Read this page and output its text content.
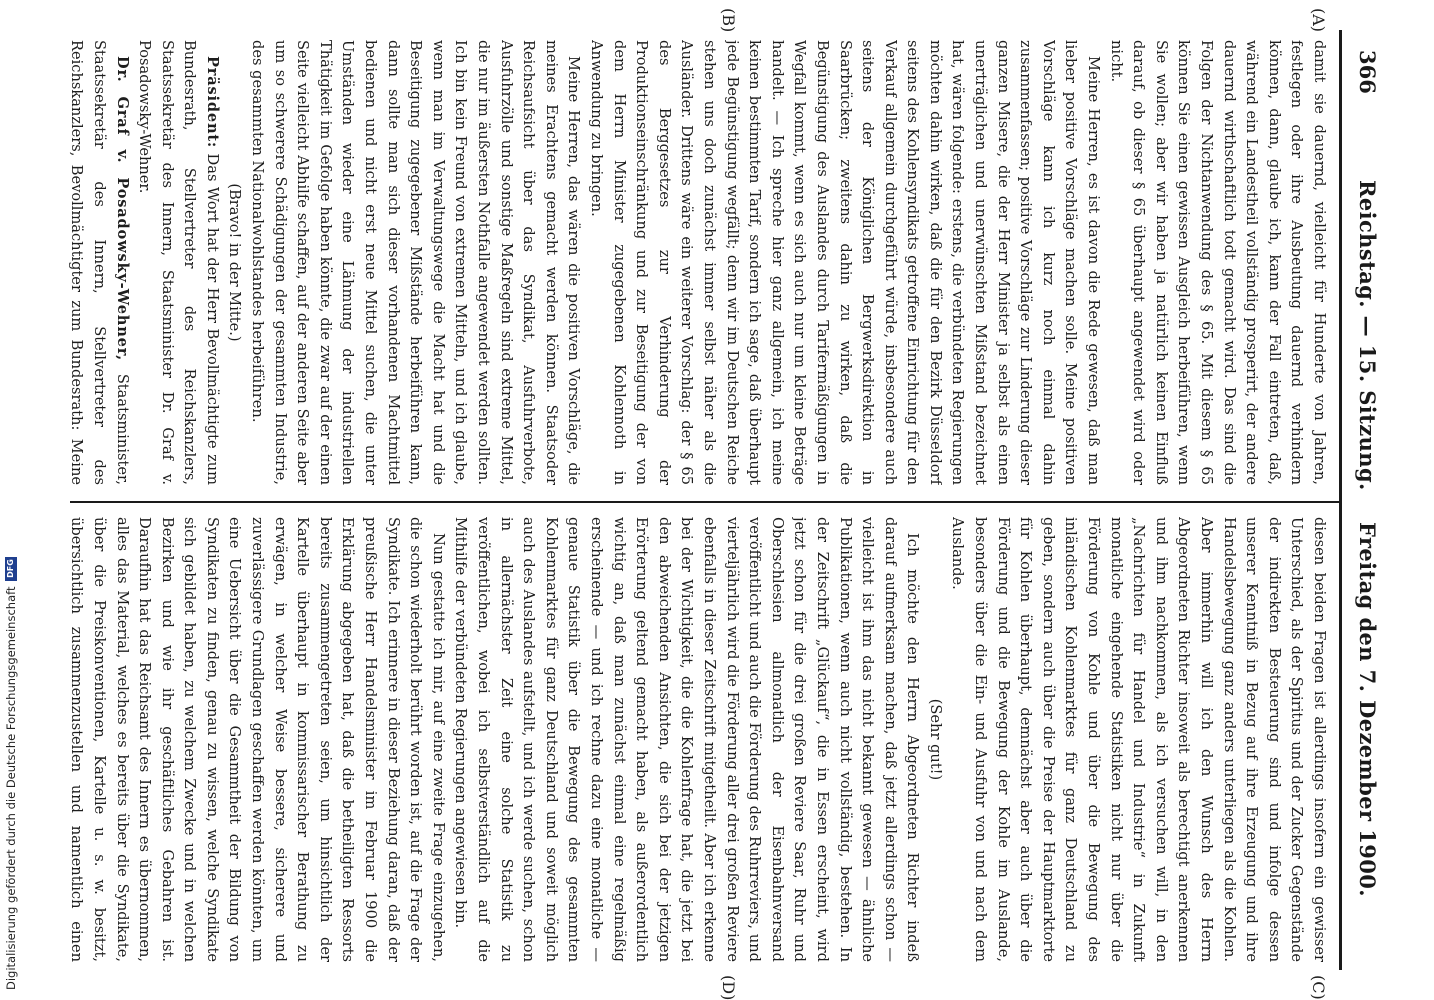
366
Reichstag. — 15. Sitzung.
Freitag den 7. Dezember 1900.
(A)
(B)
(C)
(D)

damit sie dauernd, vielleicht für Hunderte von Jahren, festlegen oder ihre Ausbeutung dauernd verhindern können, dann, glaube ich, kann der Fall eintreten, daß, während ein Landestheil vollständig prosperirt, der andere dauernd wirthschaftlich todt gemacht wird. Das sind die Folgen der Nichtanwendung des § 65. Mit diesem § 65 können Sie einen gewissen Ausgleich herbeiführen, wenn Sie wollen; aber wir haben ja natürlich keinen Einfluß darauf, ob dieser § 65 überhaupt angewendet wird oder nicht.

Meine Herren, es ist davon die Rede gewesen, daß man lieber positive Vorschläge machen solle. Meine positiven Vorschläge kann ich kurz noch einmal dahin zusammenfassen; positive Vorschläge zur Linderung dieser ganzen Misere, die der Herr Minister ja selbst als einen unerträglichen und unerwünschten Mißstand bezeichnet hat, wären folgende: erstens, die verbündeten Regierungen möchten dahin wirken, daß die für den Bezirk Düsseldorf seitens des Kohlensyndikats getroffene Einrichtung für den Verkauf allgemein durchgeführt würde, insbesondere auch seitens der Königlichen Bergwerksdirektion in Saarbrücken; zweitens dahin zu wirken, daß die Begünstigung des Auslandes durch Tarifermäßigungen in Wegfall kommt, wenn es sich auch nur um kleine Beträge handelt. — Ich spreche hier ganz allgemein, ich meine keinen bestimmten Tarif, sondern ich sage, daß überhaupt jede Begünstigung wegfällt; denn wir im Deutschen Reiche stehen uns doch zunächst immer selbst näher als die Ausländer. Drittens wäre ein weiterer Vorschlag: der § 65 des Berggesetzes zur Verhinderung der Produktionseinschränkung und zur Beseitigung der von dem Herrn Minister zugegebenen Kohlennoth in Anwendung zu bringen.

Meine Herren, das wären die positiven Vorschläge, die meines Erachtens gemacht werden können. Staatsoder Reichsaufsicht über das Syndikat, Ausfuhrverbote, Ausfuhrzölle und sonstige Maßregeln sind extreme Mittel, die nur im äußersten Nothfalle angewendet werden sollten. Ich bin kein Freund von extremen Mitteln, und ich glaube, wenn man im Verwaltungswege die Macht hat und die Beseitigung zugegebener Mißstände herbeiführen kann, dann sollte man sich dieser vorhandenen Machtmittel bedienen und nicht erst neue Mittel suchen, die unter Umständen wieder eine Lähmung der industriellen Thätigkeit im Gefolge haben könnte, die zwar auf der einen Seite vielleicht Abhilfe schaffen, auf der anderen Seite aber um so schwerere Schädigungen der gesammten Industrie, des gesammten Nationalwohlstandes herbeiführen.

(Bravo! in der Mitte.)

Präsident: Das Wort hat der Herr Bevollmächtigte zum Bundesrath, Stellvertreter des Reichskanzlers, Staatssekretär des Innern, Staatsminister Dr. Graf v. Posadowsky-Wehner.

Dr. Graf v. Posadowsky-Wehner, Staatsminister, Staatssekretär des Innern, Stellvertreter des Reichskanzlers, Bevollmächtigter zum Bundesrath: Meine

diesen beiden Fragen ist allerdings insofern ein gewisser Unterschied, als der Spiritus und der Zucker Gegenstände der indirekten Besteuerung sind und infolge dessen unserer Kenntniß in Bezug auf ihre Erzeugung und ihre Handelsbewegung ganz anders unterliegen als die Kohlen. Aber immerhin will ich den Wunsch des Herrn Abgeordneten Richter insoweit als berechtigt anerkennen und ihm nachkommen, als ich versuchen will, in den „Nachrichten für Handel und Industrie“ in Zukunft monatliche eingehende Statistiken nicht nur über die Förderung von Kohle und über die Bewegung des inländischen Kohlenmarktes für ganz Deutschland zu geben, sondern auch über die Preise der Hauptmarktorte für Kohlen überhaupt, demnächst aber auch über die Förderung und die Bewegung der Kohle im Auslande, besonders über die Ein- und Ausfuhr von und nach dem Auslande.

(Sehr gut!)

Ich möchte den Herrn Abgeordneten Richter indeß darauf aufmerksam machen, daß jetzt allerdings schon — vielleicht ist ihm das nicht bekannt gewesen — ähnliche Publikationen, wenn auch nicht vollständig, bestehen. In der Zeitschrift „Glückauf“, die in Essen erscheint, wird jetzt schon für die drei großen Reviere Saar, Ruhr und Oberschlesien allmonatlich der Eisenbahnversand veröffentlicht und auch die Förderung des Ruhrreviers, und vierteljährlich wird die Förderung aller drei großen Reviere ebenfalls in dieser Zeitschrift mitgetheilt. Aber ich erkenne bei der Wichtigkeit, die die Kohlenfrage hat, die jetzt bei den abweichenden Ansichten, die sich bei der jetzigen Erörterung geltend gemacht haben, als außerordentlich wichtig an, daß man zunächst einmal eine regelmäßig erscheinende — und ich rechne dazu eine monatliche — genaue Statistik über die Bewegung des gesammten Kohlenmarktes für ganz Deutschland und soweit möglich auch des Auslandes aufstellt, und ich werde suchen, schon in allernächster Zeit eine solche Statistik zu veröffentlichen, wobei ich selbstverständlich auf die Mithilfe der verbündeten Regierungen angewiesen bin.

Nun gestatte ich mir, auf eine zweite Frage einzugehen, die schon wiederholt berührt worden ist, auf die Frage der Syndikate. Ich erinnere in dieser Beziehung daran, daß der preußische Herr Handelsminister im Februar 1900 die Erklärung abgegeben hat, daß die betheiligten Ressorts bereits zusammengetreten seien, um hinsichtlich der Kartelle überhaupt in kommissarischer Berathung zu erwägen, in welcher Weise bessere, sicherere und zuverlässigere Grundlagen geschaffen werden könnten, um eine Uebersicht über die Gesammtheit der Bildung von Syndikaten zu finden, genau zu wissen, welche Syndikate sich gebildet haben, zu welchem Zwecke und in welchen Bezirken und wie ihr geschäftliches Gebahren ist. Daraufhin hat das Reichsamt des Innern es übernommen, alles das Material, welches es bereits über die Syndikate, über die Preiskonventionen, Kartelle u. s. w. besitzt, übersichtlich zusammenzustellen und namentlich einen

Digitalisierung gefördert durch die Deutsche Forschungsgemeinschaft
DFG
